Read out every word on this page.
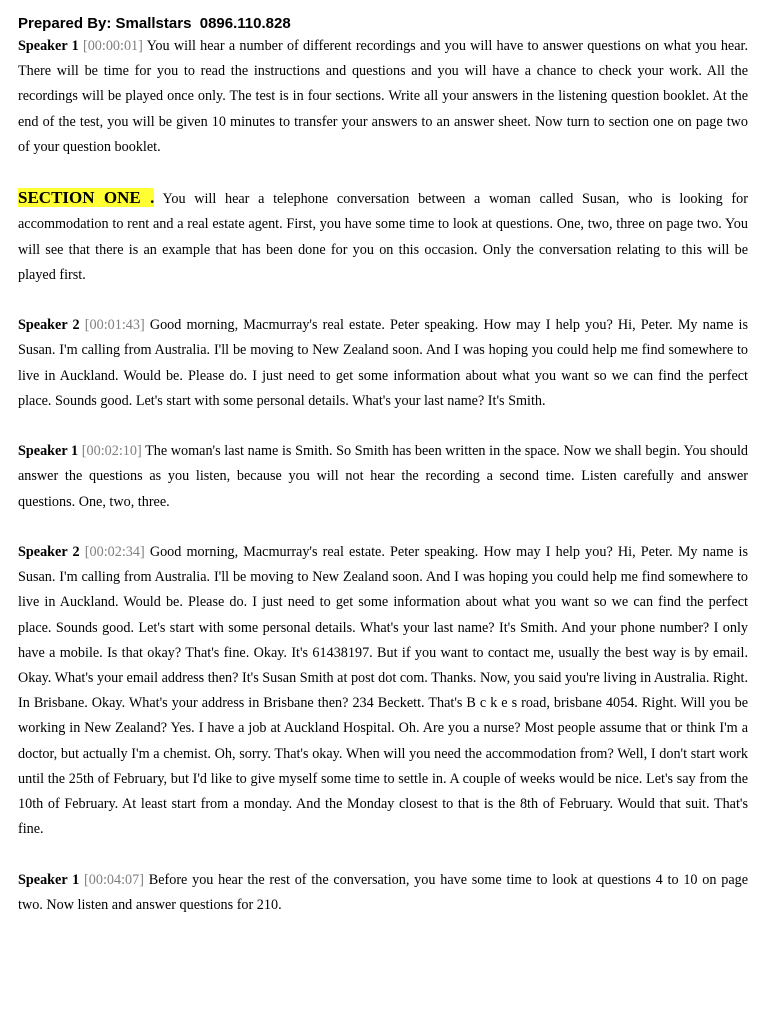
Prepared By: Smallstars  0896.110.828

Speaker 1 [00:00:01] You will hear a number of different recordings and you will have to answer questions on what you hear. There will be time for you to read the instructions and questions and you will have a chance to check your work. All the recordings will be played once only. The test is in four sections. Write all your answers in the listening question booklet. At the end of the test, you will be given 10 minutes to transfer your answers to an answer sheet. Now turn to section one on page two of your question booklet.

SECTION ONE . You will hear a telephone conversation between a woman called Susan, who is looking for accommodation to rent and a real estate agent. First, you have some time to look at questions. One, two, three on page two. You will see that there is an example that has been done for you on this occasion. Only the conversation relating to this will be played first.

Speaker 2 [00:01:43] Good morning, Macmurray's real estate. Peter speaking. How may I help you? Hi, Peter. My name is Susan. I'm calling from Australia. I'll be moving to New Zealand soon. And I was hoping you could help me find somewhere to live in Auckland. Would be. Please do. I just need to get some information about what you want so we can find the perfect place. Sounds good. Let's start with some personal details. What's your last name? It's Smith.

Speaker 1 [00:02:10] The woman's last name is Smith. So Smith has been written in the space. Now we shall begin. You should answer the questions as you listen, because you will not hear the recording a second time. Listen carefully and answer questions. One, two, three.

Speaker 2 [00:02:34] Good morning, Macmurray's real estate. Peter speaking. How may I help you? Hi, Peter. My name is Susan. I'm calling from Australia. I'll be moving to New Zealand soon. And I was hoping you could help me find somewhere to live in Auckland. Would be. Please do. I just need to get some information about what you want so we can find the perfect place. Sounds good. Let's start with some personal details. What's your last name? It's Smith. And your phone number? I only have a mobile. Is that okay? That's fine. Okay. It's 61438197. But if you want to contact me, usually the best way is by email. Okay. What's your email address then? It's Susan Smith at post dot com. Thanks. Now, you said you're living in Australia. Right. In Brisbane. Okay. What's your address in Brisbane then? 234 Beckett. That's B c k e s road, brisbane 4054. Right. Will you be working in New Zealand? Yes. I have a job at Auckland Hospital. Oh. Are you a nurse? Most people assume that or think I'm a doctor, but actually I'm a chemist. Oh, sorry. That's okay. When will you need the accommodation from? Well, I don't start work until the 25th of February, but I'd like to give myself some time to settle in. A couple of weeks would be nice. Let's say from the 10th of February. At least start from a monday. And the Monday closest to that is the 8th of February. Would that suit. That's fine.

Speaker 1 [00:04:07] Before you hear the rest of the conversation, you have some time to look at questions 4 to 10 on page two. Now listen and answer questions for 210.
